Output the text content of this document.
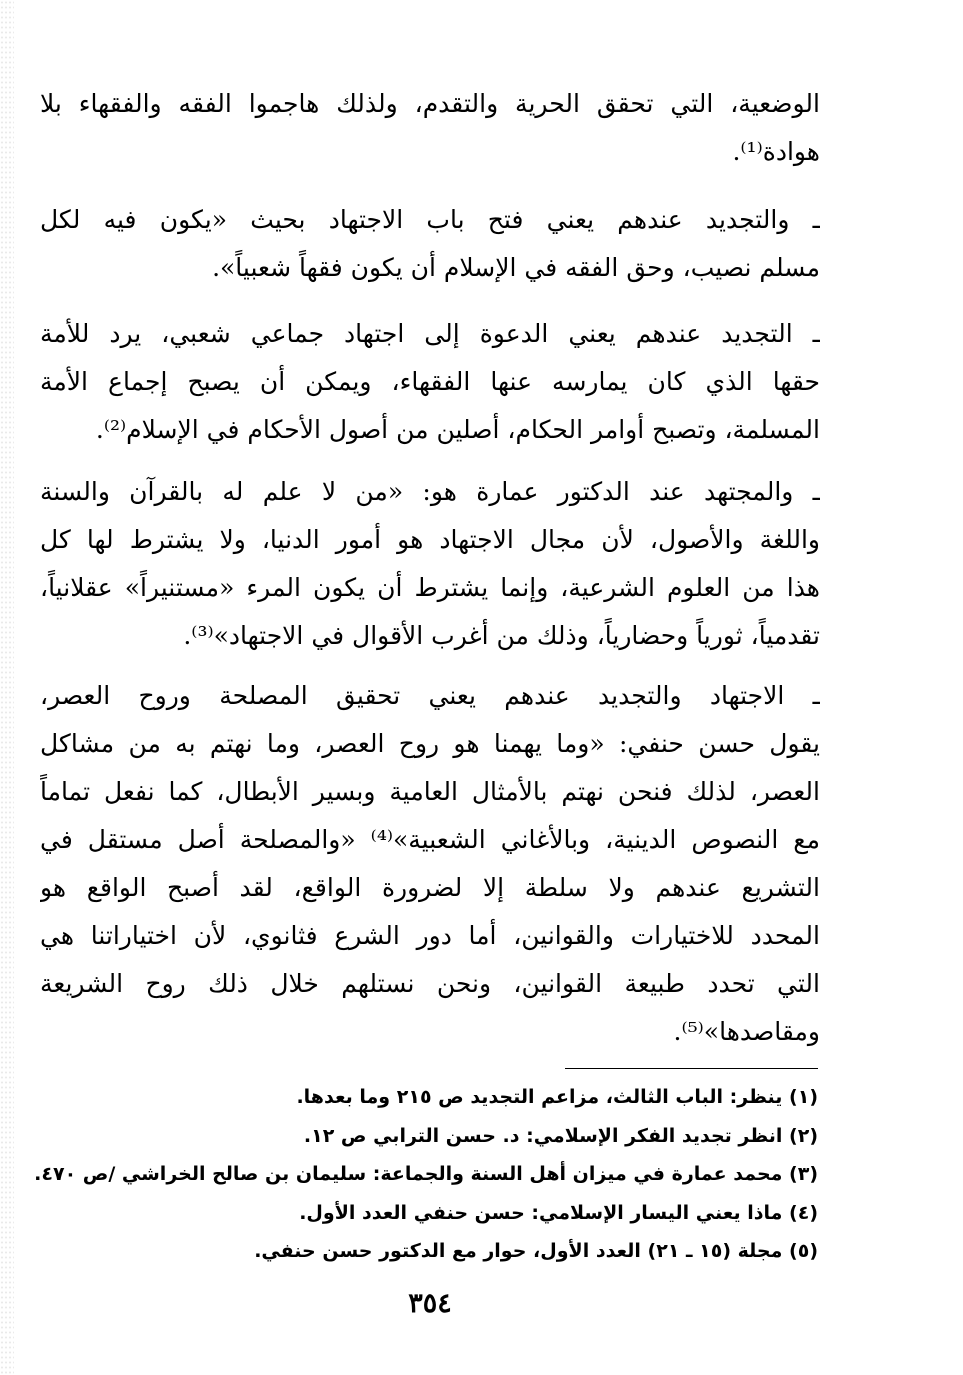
الوضعية، التي تحقق الحرية والتقدم، ولذلك هاجموا الفقه والفقهاء بلا
هوادة⁽¹⁾.
ـ والتجديد عندهم يعني فتح باب الاجتهاد بحيث «يكون فيه لكل
مسلم نصيب، وحق الفقه في الإسلام أن يكون فقهاً شعبياً».
ـ التجديد عندهم يعني الدعوة إلى اجتهاد جماعي شعبي، يرد للأمة
حقها الذي كان يمارسه عنها الفقهاء، ويمكن أن يصبح إجماع الأمة
المسلمة، وتصبح أوامر الحكام، أصلين من أصول الأحكام في الإسلام⁽²⁾.
ـ والمجتهد عند الدكتور عمارة هو: «من لا علم له بالقرآن والسنة
واللغة والأصول، لأن مجال الاجتهاد هو أمور الدنيا، ولا يشترط لها كل
هذا من العلوم الشرعية، وإنما يشترط أن يكون المرء «مستنيراً» عقلانياً،
تقدمياً، ثورياً وحضارياً، وذلك من أغرب الأقوال في الاجتهاد»⁽³⁾.
ـ الاجتهاد والتجديد عندهم يعني تحقيق المصلحة وروح العصر،
يقول حسن حنفي: «وما يهمنا هو روح العصر، وما نهتم به من مشاكل
العصر، لذلك فنحن نهتم بالأمثال العامية وبسير الأبطال، كما نفعل تماماً
مع النصوص الدينية، وبالأغاني الشعبية»⁽⁴⁾ «والمصلحة أصل مستقل في
التشريع عندهم ولا سلطة إلا لضرورة الواقع، لقد أصبح الواقع هو
المحدد للاختيارات والقوانين، أما دور الشرع فثانوي، لأن اختياراتنا هي
التي تحدد طبيعة القوانين، ونحن نستلهم خلال ذلك روح الشريعة
ومقاصدها»⁽⁵⁾.
(١) ينظر: الباب الثالث، مزاعم التجديد ص ٢١٥ وما بعدها.
(٢) انظر تجديد الفكر الإسلامي: د. حسن الترابي ص ١٢.
(٣) محمد عمارة في ميزان أهل السنة والجماعة: سليمان بن صالح الخراشي /ص ٤٧٠.
(٤) ماذا يعني اليسار الإسلامي: حسن حنفي العدد الأول.
(٥) مجلة (١٥ ـ ٢١) العدد الأول، حوار مع الدكتور حسن حنفي.
٣٥٤
